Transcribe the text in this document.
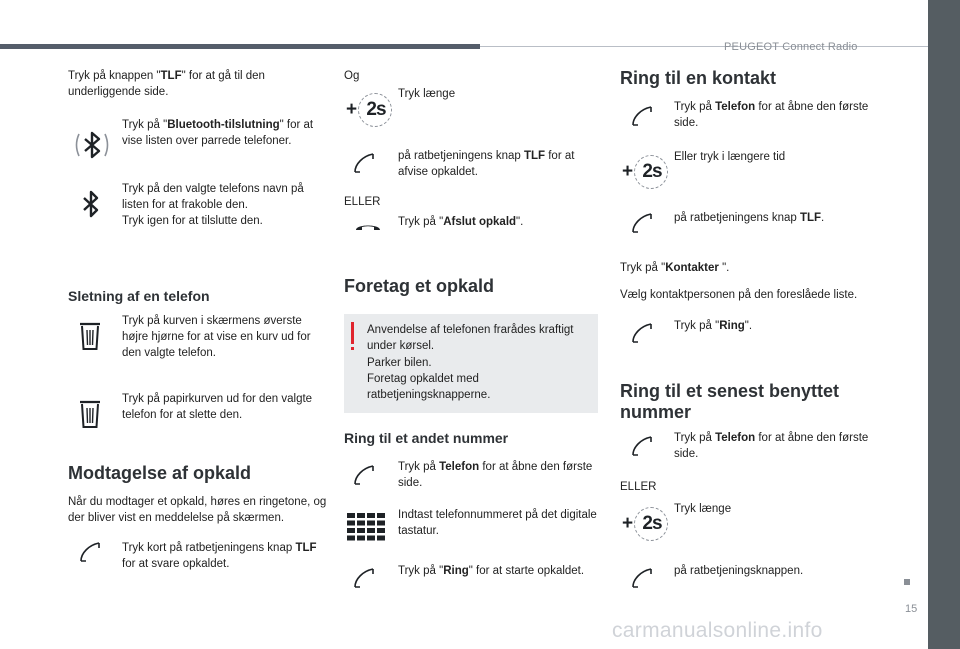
PEUGEOT Connect Radio
15
Tryk på knappen "TLF" for at gå til den underliggende side.
Tryk på "Bluetooth-tilslutning" for at vise listen over parrede telefoner.
Tryk på den valgte telefons navn på listen for at frakoble den.
Tryk igen for at tilslutte den.
Sletning af en telefon
Tryk på kurven i skærmens øverste højre hjørne for at vise en kurv ud for den valgte telefon.
Tryk på papirkurven ud for den valgte telefon for at slette den.
Modtagelse af opkald
Når du modtager et opkald, høres en ringetone, og der bliver vist en meddelelse på skærmen.
Tryk kort på ratbetjeningens knap TLF for at svare opkaldet.
Og
+ 2s
Tryk længe
på ratbetjeningens knap TLF for at afvise opkaldet.
ELLER
Tryk på "Afslut opkald".
Foretag et opkald
Anvendelse af telefonen frarådes kraftigt under kørsel.
Parker bilen.
Foretag opkaldet med ratbetjeningsknapperne.
Ring til et andet nummer
Tryk på Telefon for at åbne den første side.
Indtast telefonnummeret på det digitale tastatur.
Tryk på "Ring" for at starte opkaldet.
Ring til en kontakt
Tryk på Telefon for at åbne den første side.
+ 2s
Eller tryk i længere tid
på ratbetjeningens knap TLF.
Tryk på "Kontakter ".
Vælg kontaktpersonen på den foreslåede liste.
Tryk på "Ring".
Ring til et senest benyttet nummer
Tryk på Telefon for at åbne den første side.
ELLER
+ 2s
Tryk længe
på ratbetjeningsknappen.
carmanualsonline.info
